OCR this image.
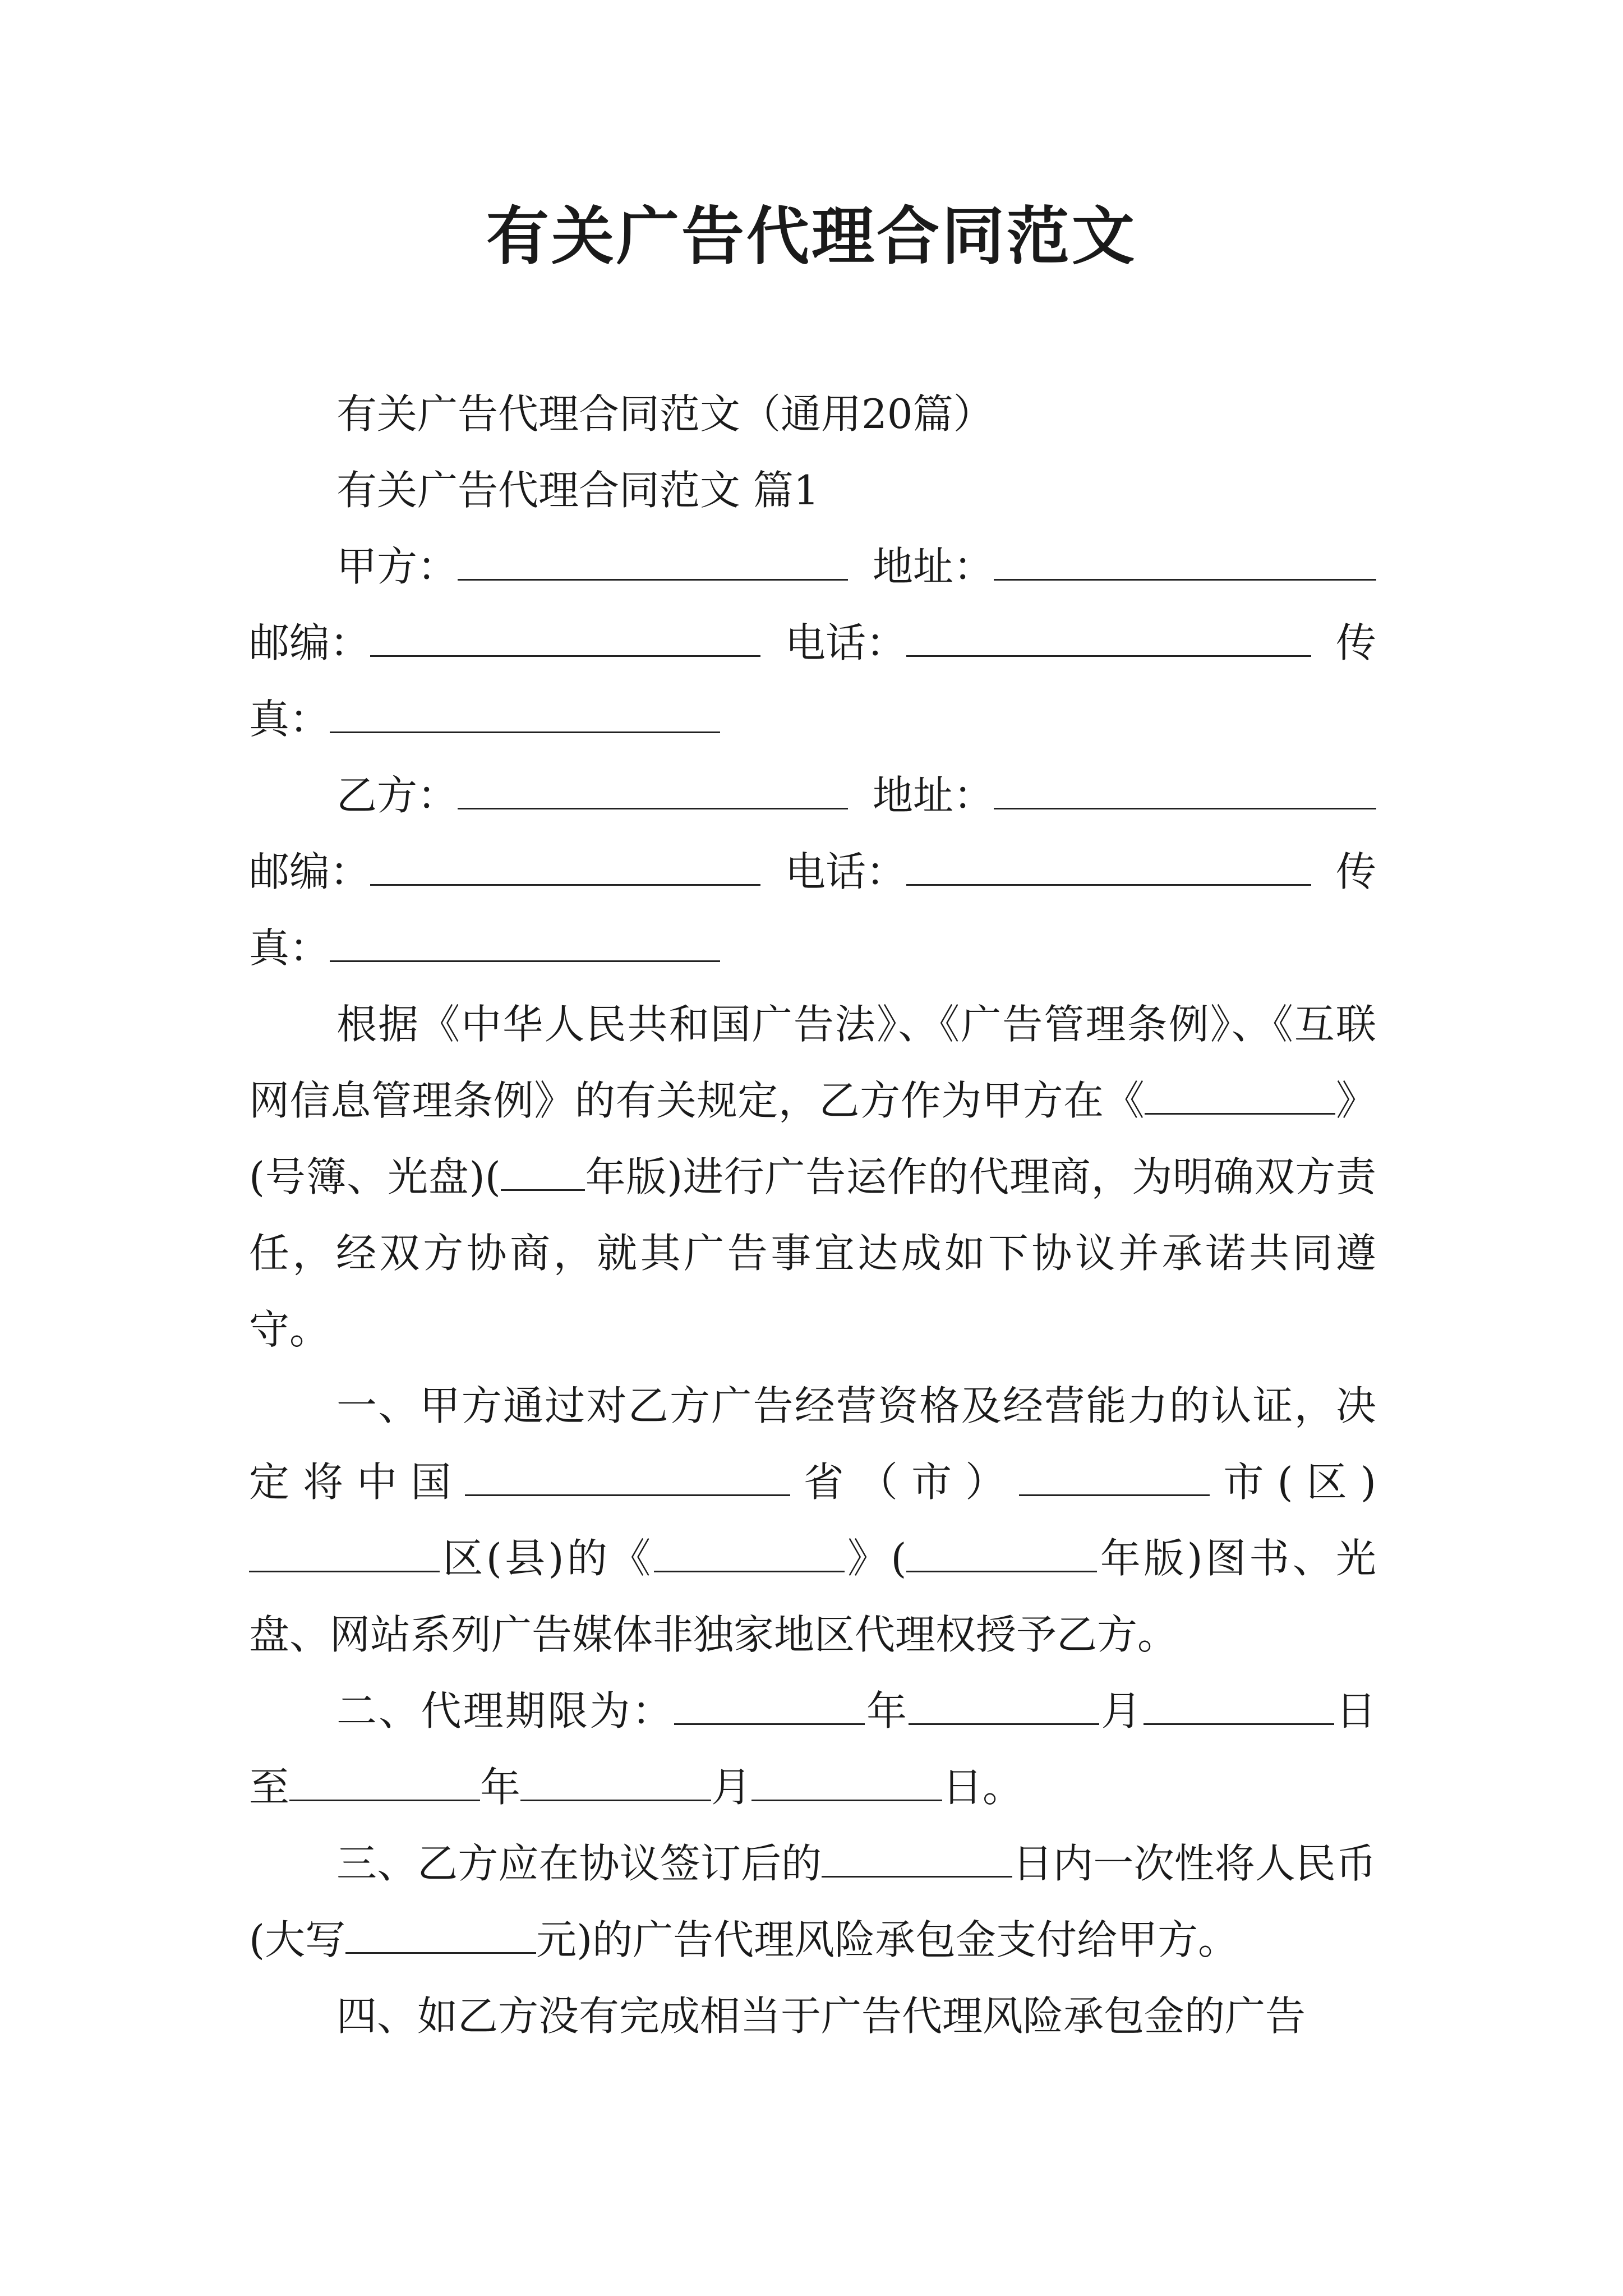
有关广告代理合同范文

有关广告代理合同范文（通用20篇）

有关广告代理合同范文 篇1

甲方：	地址：
邮编：	电话：	传
真：
乙方：	地址：
邮编：	电话：	传
真：

根据《中华人民共和国广告法》、《广告管理条例》、《互联网信息管理条例》的有关规定，乙方作为甲方在《	》(号簿、光盘)( 年版)进行广告运作的代理商，为明确双方责任，经双方协商，就其广告事宜达成如下协议并承诺共同遵守。

一、甲方通过对乙方广告经营资格及经营能力的认证，决定将中国	省（市）	市(区)区(县)的《	》(	年版)图书、光盘、网站系列广告媒体非独家地区代理权授予乙方。

二、代理期限为：	年	月	日至	年	月	日。

三、乙方应在协议签订后的	日内一次性将人民币(大写	元)的广告代理风险承包金支付给甲方。

四、如乙方没有完成相当于广告代理风险承包金的广告
